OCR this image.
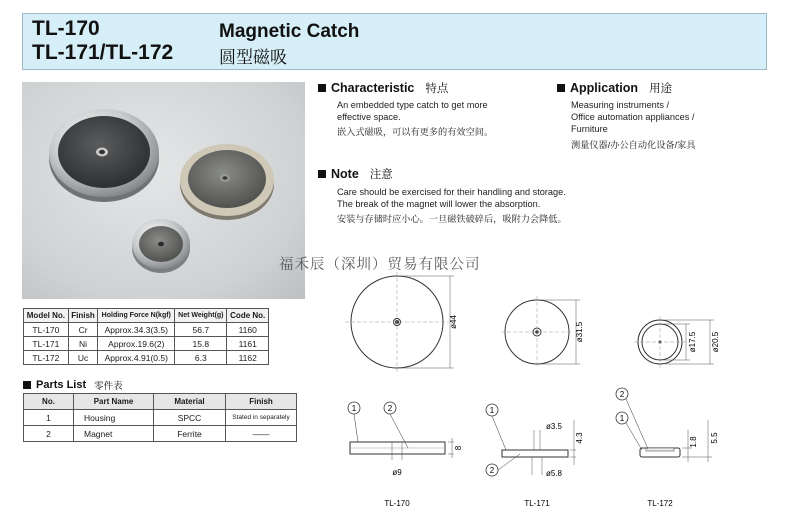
TL-170
TL-171/TL-172
Magnetic Catch
圆型磁吸
Characteristic 特点
An embedded type catch to get more
effective space.
嵌入式磁吸，可以有更多的有效空间。
Application 用途
Measuring instruments /
Office automation appliances /
Furniture
测量仪器/办公自动化设备/家具
Note 注意
Care should be exercised for their handling and storage.
The break of the magnet will lower the absorption.
安装与存储时应小心。一旦磁铁破碎后，吸附力会降低。
福禾辰（深圳）贸易有限公司
Model No.	Finish	Holding Force N(kgf)	Net Weight(g)	Code No.
TL-170	Cr	Approx.34.3(3.5)	56.7	1160
TL-171	Ni	Approx.19.6(2)	15.8	1161
TL-172	Uc	Approx.4.91(0.5)	6.3	1162
Parts List 零件表
No.	Part Name	Material	Finish
1	Housing	SPCC	Stated in separately
2	Magnet	Ferrite	——
ø44
1	2
ø9
8
TL-170
ø31.5
1
2
ø3.5
ø5.8
4.3
TL-171
ø17.5 ø20.5
2
1
1.8 5.5
TL-172
